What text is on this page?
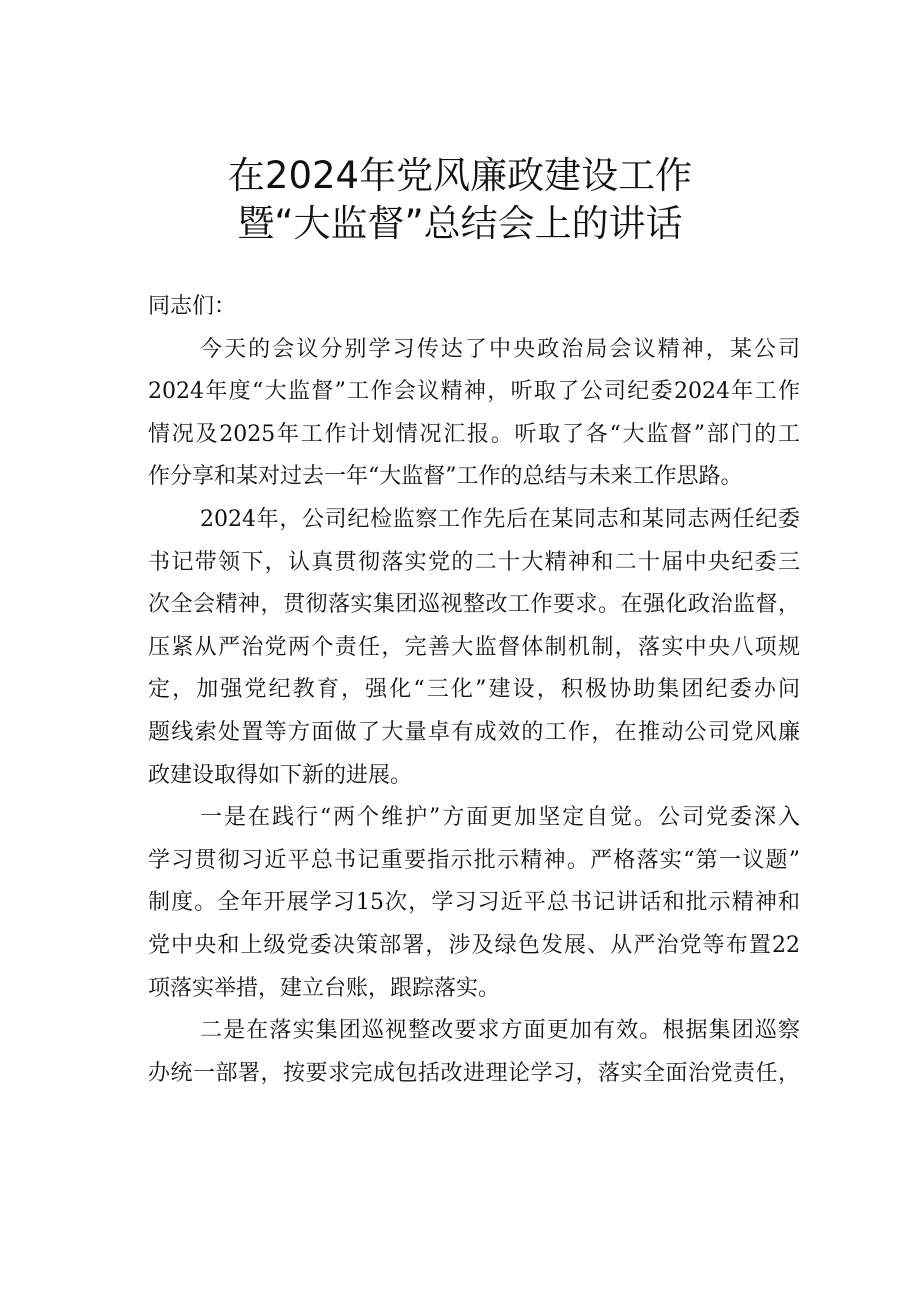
在2024年党风廉政建设工作
暨“大监督”总结会上的讲话
同志们：
今天的会议分别学习传达了中央政治局会议精神，某公司
2024年度“大监督”工作会议精神，听取了公司纪委2024年工作
情况及2025年工作计划情况汇报。听取了各“大监督”部门的工
作分享和某对过去一年“大监督”工作的总结与未来工作思路。
2024年，公司纪检监察工作先后在某同志和某同志两任纪委
书记带领下，认真贯彻落实党的二十大精神和二十届中央纪委三
次全会精神，贯彻落实集团巡视整改工作要求。在强化政治监督，
压紧从严治党两个责任，完善大监督体制机制，落实中央八项规
定，加强党纪教育，强化“三化”建设，积极协助集团纪委办问
题线索处置等方面做了大量卓有成效的工作，在推动公司党风廉
政建设取得如下新的进展。
一是在践行“两个维护”方面更加坚定自觉。公司党委深入
学习贯彻习近平总书记重要指示批示精神。严格落实“第一议题”
制度。全年开展学习15次，学习习近平总书记讲话和批示精神和
党中央和上级党委决策部署，涉及绿色发展、从严治党等布置22
项落实举措，建立台账，跟踪落实。
二是在落实集团巡视整改要求方面更加有效。根据集团巡察
办统一部署，按要求完成包括改进理论学习，落实全面治党责任，
